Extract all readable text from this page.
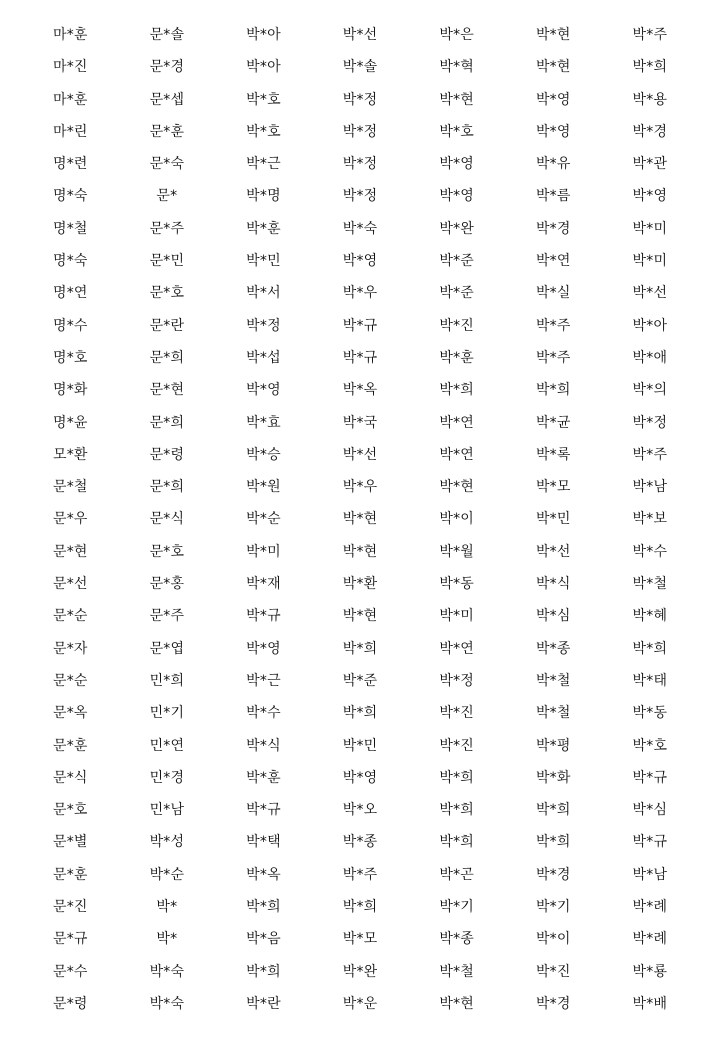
마*훈	문*솔	박*아	박*선	박*은	박*현	박*주
마*진	문*경	박*아	박*솔	박*혁	박*현	박*희
마*훈	문*셉	박*호	박*정	박*현	박*영	박*용
마*린	문*훈	박*호	박*정	박*호	박*영	박*경
명*련	문*숙	박*근	박*정	박*영	박*유	박*관
명*숙	문*	박*명	박*정	박*영	박*름	박*영
명*철	문*주	박*훈	박*숙	박*완	박*경	박*미
명*숙	문*민	박*민	박*영	박*준	박*연	박*미
명*연	문*호	박*서	박*우	박*준	박*실	박*선
명*수	문*란	박*정	박*규	박*진	박*주	박*아
명*호	문*희	박*섭	박*규	박*훈	박*주	박*애
명*화	문*현	박*영	박*옥	박*희	박*희	박*의
명*윤	문*희	박*효	박*국	박*연	박*균	박*정
모*환	문*령	박*승	박*선	박*연	박*록	박*주
문*철	문*희	박*원	박*우	박*현	박*모	박*남
문*우	문*식	박*순	박*현	박*이	박*민	박*보
문*현	문*호	박*미	박*현	박*월	박*선	박*수
문*선	문*홍	박*재	박*환	박*동	박*식	박*철
문*순	문*주	박*규	박*현	박*미	박*심	박*혜
문*자	문*엽	박*영	박*희	박*연	박*종	박*희
문*순	민*희	박*근	박*준	박*정	박*철	박*태
문*옥	민*기	박*수	박*희	박*진	박*철	박*동
문*훈	민*연	박*식	박*민	박*진	박*평	박*호
문*식	민*경	박*훈	박*영	박*희	박*화	박*규
문*호	민*남	박*규	박*오	박*희	박*희	박*심
문*별	박*성	박*택	박*종	박*희	박*희	박*규
문*훈	박*순	박*옥	박*주	박*곤	박*경	박*남
문*진	박*	박*희	박*희	박*기	박*기	박*례
문*규	박*	박*음	박*모	박*종	박*이	박*례
문*수	박*숙	박*희	박*완	박*철	박*진	박*룡
문*령	박*숙	박*란	박*운	박*현	박*경	박*배
